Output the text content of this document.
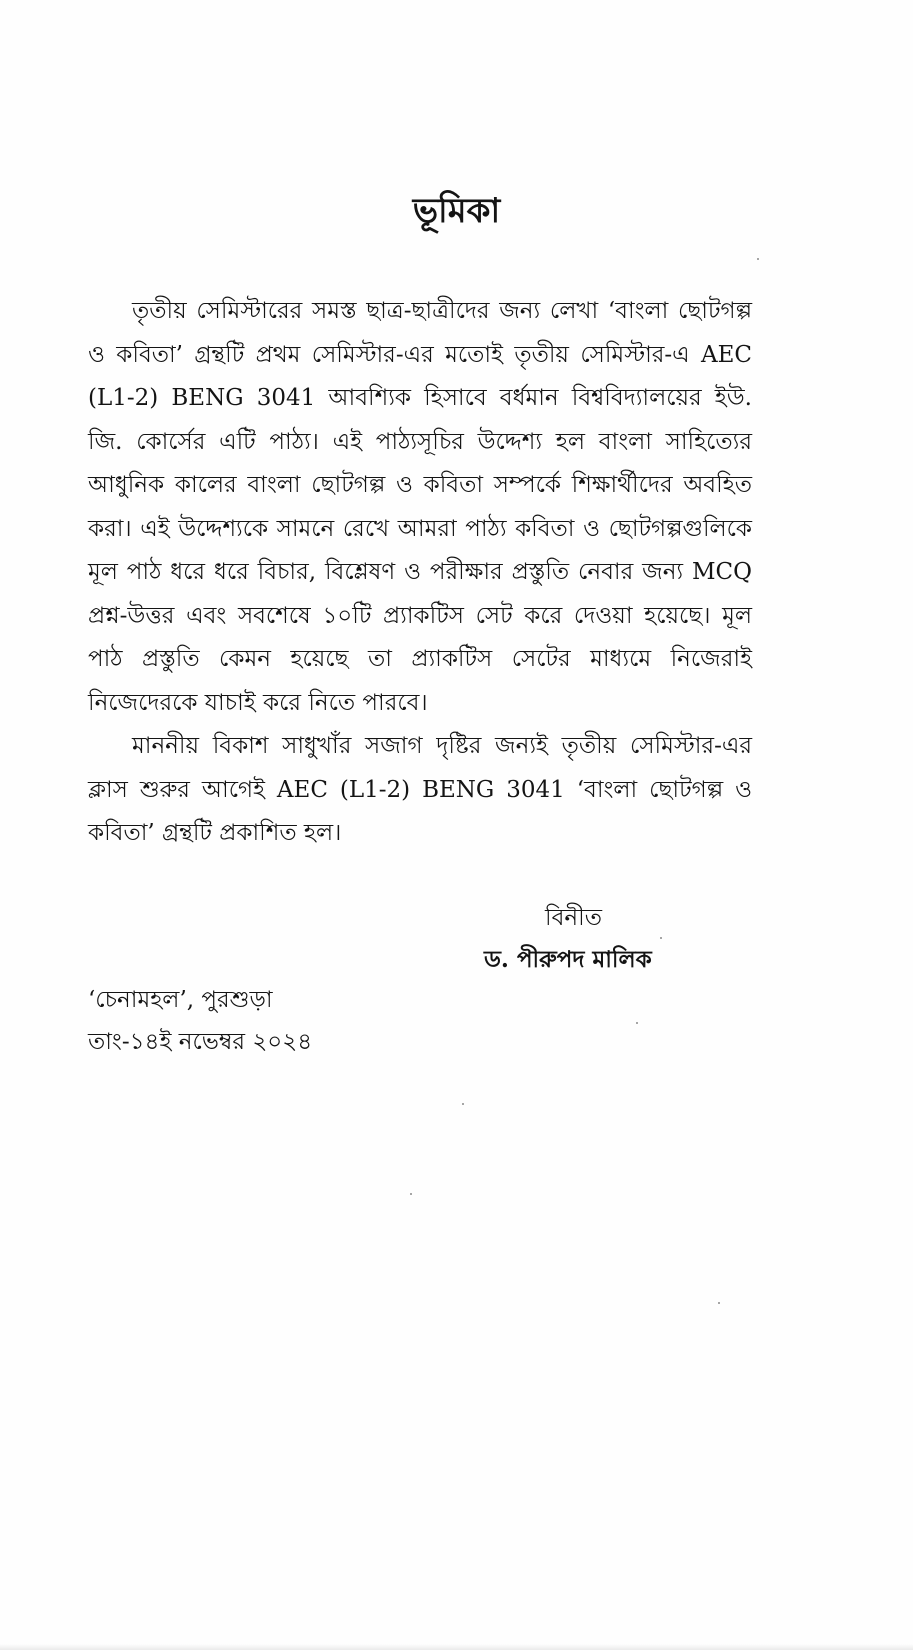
ভূমিকা

তৃতীয় সেমিস্টারের সমস্ত ছাত্র-ছাত্রীদের জন্য লেখা ‘বাংলা ছোটগল্প ও কবিতা’ গ্রন্থটি প্রথম সেমিস্টার-এর মতোই তৃতীয় সেমিস্টার-এ AEC (L1-2) BENG 3041 আবশ্যিক হিসাবে বর্ধমান বিশ্ববিদ্যালয়ের ইউ. জি. কোর্সের এটি পাঠ্য। এই পাঠ্যসূচির উদ্দেশ্য হল বাংলা সাহিত্যের আধুনিক কালের বাংলা ছোটগল্প ও কবিতা সম্পর্কে শিক্ষার্থীদের অবহিত করা। এই উদ্দেশ্যকে সামনে রেখে আমরা পাঠ্য কবিতা ও ছোটগল্পগুলিকে মূল পাঠ ধরে ধরে বিচার, বিশ্লেষণ ও পরীক্ষার প্রস্তুতি নেবার জন্য MCQ প্রশ্ন-উত্তর এবং সবশেষে ১০টি প্র্যাকটিস সেট করে দেওয়া হয়েছে। মূল পাঠ প্রস্তুতি কেমন হয়েছে তা প্র্যাকটিস সেটের মাধ্যমে নিজেরাই নিজেদেরকে যাচাই করে নিতে পারবে।

মাননীয় বিকাশ সাধুখাঁর সজাগ দৃষ্টির জন্যই তৃতীয় সেমিস্টার-এর ক্লাস শুরুর আগেই AEC (L1-2) BENG 3041 ‘বাংলা ছোটগল্প ও কবিতা’ গ্রন্থটি প্রকাশিত হল।

বিনীত
ড. পীরুপদ মালিক
‘চেনামহল’, পুরশুড়া
তাং-১৪ই নভেম্বর ২০২৪
